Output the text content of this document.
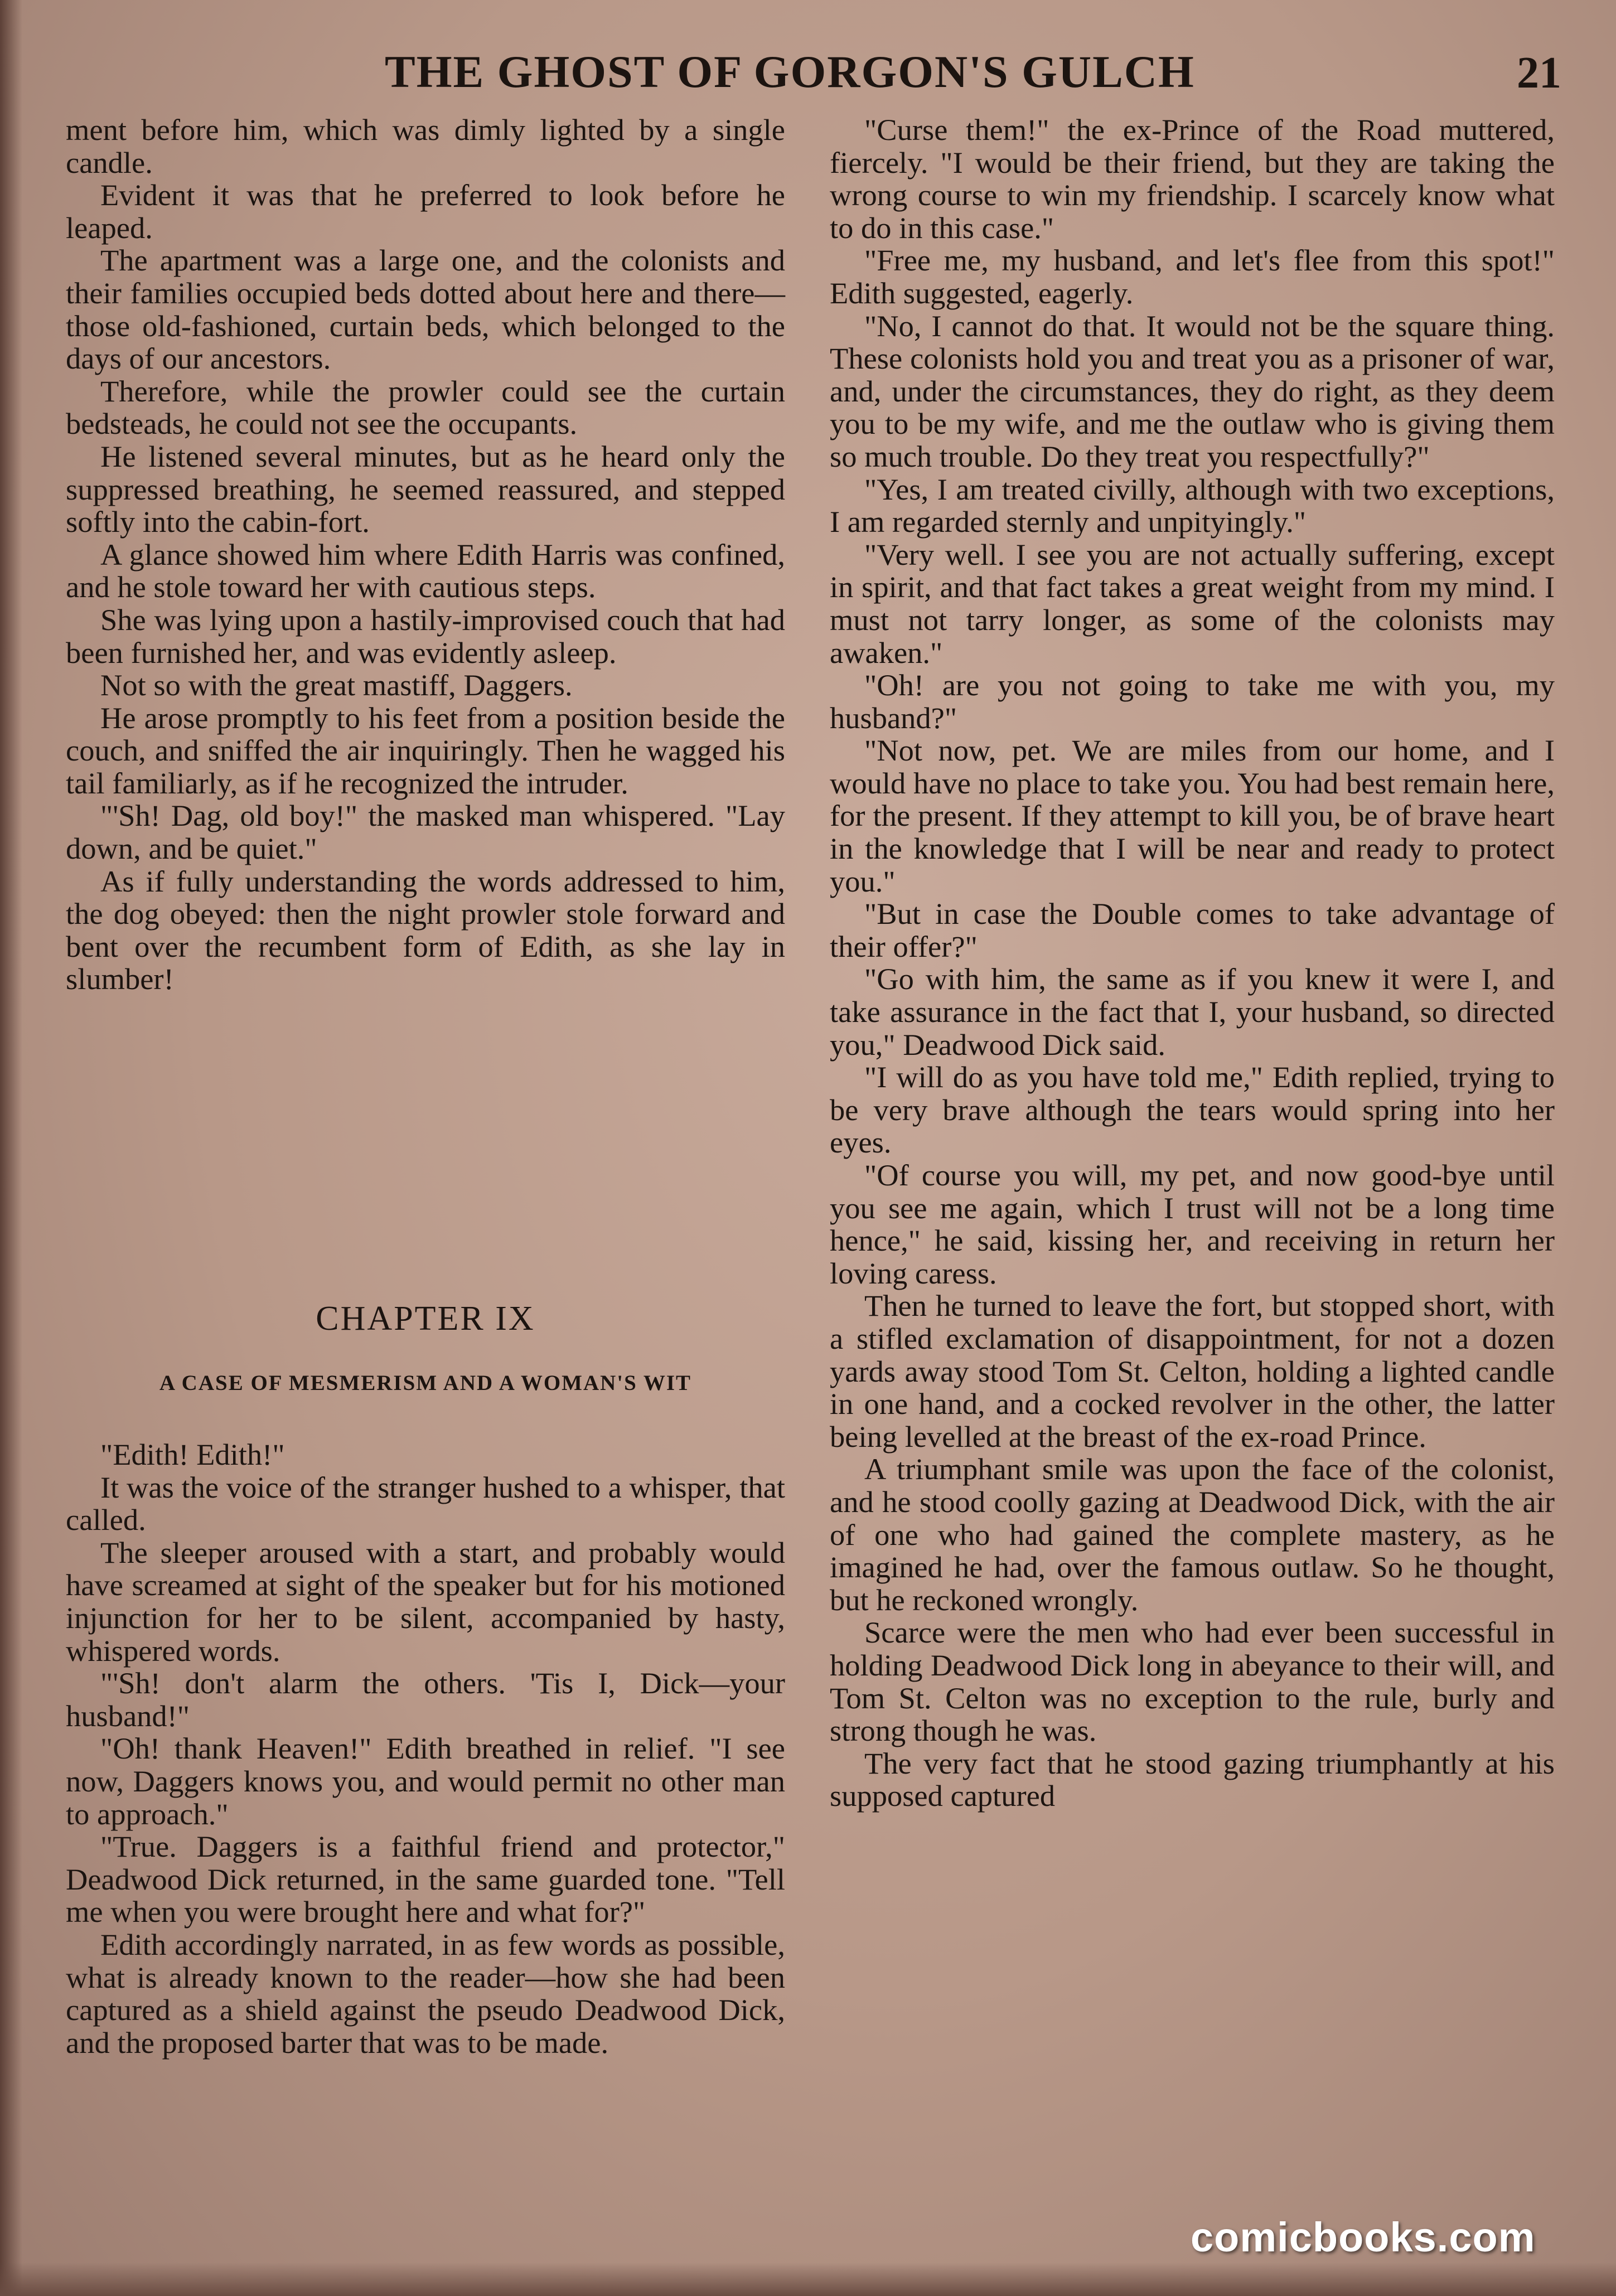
THE GHOST OF GORGON'S GULCH	21

ment before him, which was dimly lighted by a single candle.

Evident it was that he preferred to look before he leaped.

The apartment was a large one, and the colonists and their families occupied beds dotted about here and there—those old-fashioned, curtain beds, which belonged to the days of our ancestors.

Therefore, while the prowler could see the curtain bedsteads, he could not see the occupants.

He listened several minutes, but as he heard only the suppressed breathing, he seemed reassured, and stepped softly into the cabin-fort.

A glance showed him where Edith Harris was confined, and he stole toward her with cautious steps.

She was lying upon a hastily-improvised couch that had been furnished her, and was evidently asleep.

Not so with the great mastiff, Daggers.

He arose promptly to his feet from a position beside the couch, and sniffed the air inquiringly. Then he wagged his tail familiarly, as if he recognized the intruder.

"'Sh! Dag, old boy!" the masked man whispered. "Lay down, and be quiet."

As if fully understanding the words addressed to him, the dog obeyed: then the night prowler stole forward and bent over the recumbent form of Edith, as she lay in slumber!

CHAPTER IX
A CASE OF MESMERISM AND A WOMAN'S WIT

"Edith! Edith!"

It was the voice of the stranger hushed to a whisper, that called.

The sleeper aroused with a start, and probably would have screamed at sight of the speaker but for his motioned injunction for her to be silent, accompanied by hasty, whispered words.

"'Sh! don't alarm the others. 'Tis I, Dick—your husband!"

"Oh! thank Heaven!" Edith breathed in relief. "I see now, Daggers knows you, and would permit no other man to approach."

"True. Daggers is a faithful friend and protector," Deadwood Dick returned, in the same guarded tone. "Tell me when you were brought here and what for?"

Edith accordingly narrated, in as few words as possible, what is already known to the reader—how she had been captured as a shield against the pseudo Deadwood Dick, and the proposed barter that was to be made.

"Curse them!" the ex-Prince of the Road muttered, fiercely. "I would be their friend, but they are taking the wrong course to win my friendship. I scarcely know what to do in this case."

"Free me, my husband, and let's flee from this spot!" Edith suggested, eagerly.

"No, I cannot do that. It would not be the square thing. These colonists hold you and treat you as a prisoner of war, and, under the circumstances, they do right, as they deem you to be my wife, and me the outlaw who is giving them so much trouble. Do they treat you respectfully?"

"Yes, I am treated civilly, although with two exceptions, I am regarded sternly and unpityingly."

"Very well. I see you are not actually suffering, except in spirit, and that fact takes a great weight from my mind. I must not tarry longer, as some of the colonists may awaken."

"Oh! are you not going to take me with you, my husband?"

"Not now, pet. We are miles from our home, and I would have no place to take you. You had best remain here, for the present. If they attempt to kill you, be of brave heart in the knowledge that I will be near and ready to protect you."

"But in case the Double comes to take advantage of their offer?"

"Go with him, the same as if you knew it were I, and take assurance in the fact that I, your husband, so directed you," Deadwood Dick said.

"I will do as you have told me," Edith replied, trying to be very brave although the tears would spring into her eyes.

"Of course you will, my pet, and now good-bye until you see me again, which I trust will not be a long time hence," he said, kissing her, and receiving in return her loving caress.

Then he turned to leave the fort, but stopped short, with a stifled exclamation of disappointment, for not a dozen yards away stood Tom St. Celton, holding a lighted candle in one hand, and a cocked revolver in the other, the latter being levelled at the breast of the ex-road Prince.

A triumphant smile was upon the face of the colonist, and he stood coolly gazing at Deadwood Dick, with the air of one who had gained the complete mastery, as he imagined he had, over the famous outlaw. So he thought, but he reckoned wrongly.

Scarce were the men who had ever been successful in holding Deadwood Dick long in abeyance to their will, and Tom St. Celton was no exception to the rule, burly and strong though he was.

The very fact that he stood gazing triumphantly at his supposed captured

comicbooks.com
